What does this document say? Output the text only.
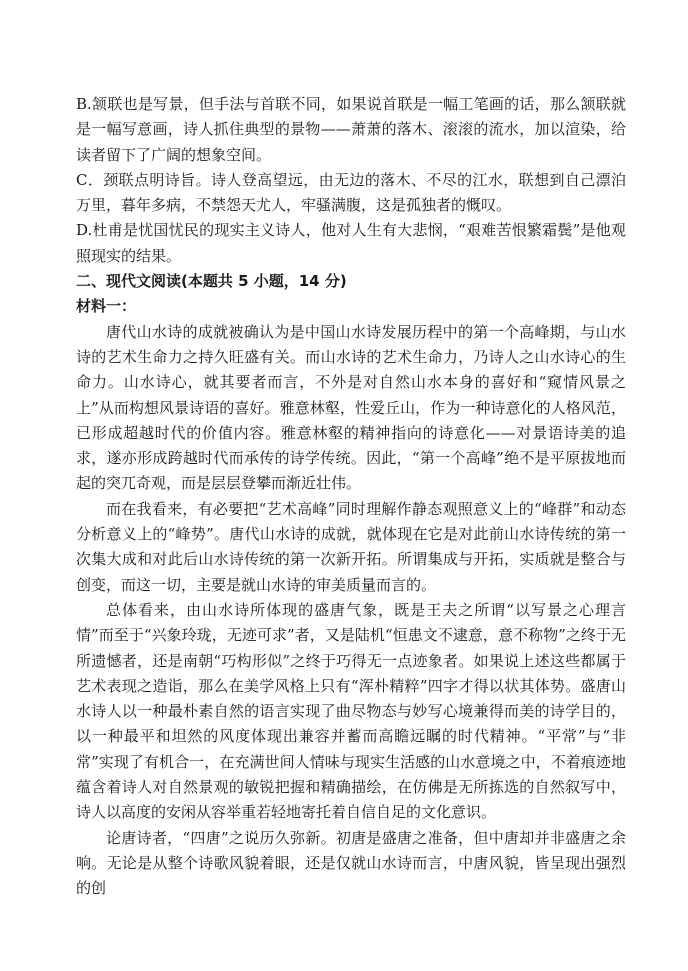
B.颔联也是写景，但手法与首联不同，如果说首联是一幅工笔画的话，那么颔联就是一幅写意画，诗人抓住典型的景物——萧萧的落木、滚滚的流水，加以渲染，给读者留下了广阔的想象空间。

C．颈联点明诗旨。诗人登高望远，由无边的落木、不尽的江水，联想到自己漂泊万里，暮年多病，不禁怨天尤人，牢骚满腹，这是孤独者的慨叹。

D.杜甫是忧国忧民的现实主义诗人，他对人生有大悲悯，“艰难苦恨繁霜鬓”是他观照现实的结果。

二、现代文阅读(本题共 5 小题，14 分)

材料一：

唐代山水诗的成就被确认为是中国山水诗发展历程中的第一个高峰期，与山水诗的艺术生命力之持久旺盛有关。而山水诗的艺术生命力，乃诗人之山水诗心的生命力。山水诗心，就其要者而言，不外是对自然山水本身的喜好和“窥情风景之上”从而构想风景诗语的喜好。雅意林壑，性爱丘山，作为一种诗意化的人格风范，已形成超越时代的价值内容。雅意林壑的精神指向的诗意化——对景语诗美的追求，遂亦形成跨越时代而承传的诗学传统。因此，“第一个高峰”绝不是平原拔地而起的突兀奇观，而是层层登攀而渐近壮伟。

而在我看来，有必要把“艺术高峰”同时理解作静态观照意义上的“峰群”和动态分析意义上的“峰势”。唐代山水诗的成就，就体现在它是对此前山水诗传统的第一次集大成和对此后山水诗传统的第一次新开拓。所谓集成与开拓，实质就是整合与创变，而这一切，主要是就山水诗的审美质量而言的。

总体看来，由山水诗所体现的盛唐气象，既是王夫之所谓“以写景之心理言情”而至于“兴象玲珑，无迹可求”者，又是陆机“恒患文不逮意，意不称物”之终于无所遗憾者，还是南朝“巧构形似”之终于巧得无一点迹象者。如果说上述这些都属于艺术表现之造诣，那么在美学风格上只有“浑朴精粹”四字才得以状其体势。盛唐山水诗人以一种最朴素自然的语言实现了曲尽物态与妙写心境兼得而美的诗学目的，以一种最平和坦然的风度体现出兼容并蓄而高瞻远瞩的时代精神。“平常”与“非常”实现了有机合一，在充满世间人情味与现实生活感的山水意境之中，不着痕迹地蕴含着诗人对自然景观的敏锐把握和精确描绘，在仿佛是无所拣选的自然叙写中，诗人以高度的安闲从容举重若轻地寄托着自信自足的文化意识。

论唐诗者，“四唐”之说历久弥新。初唐是盛唐之准备，但中唐却并非盛唐之余响。无论是从整个诗歌风貌着眼，还是仅就山水诗而言，中唐风貌，皆呈现出强烈的创
